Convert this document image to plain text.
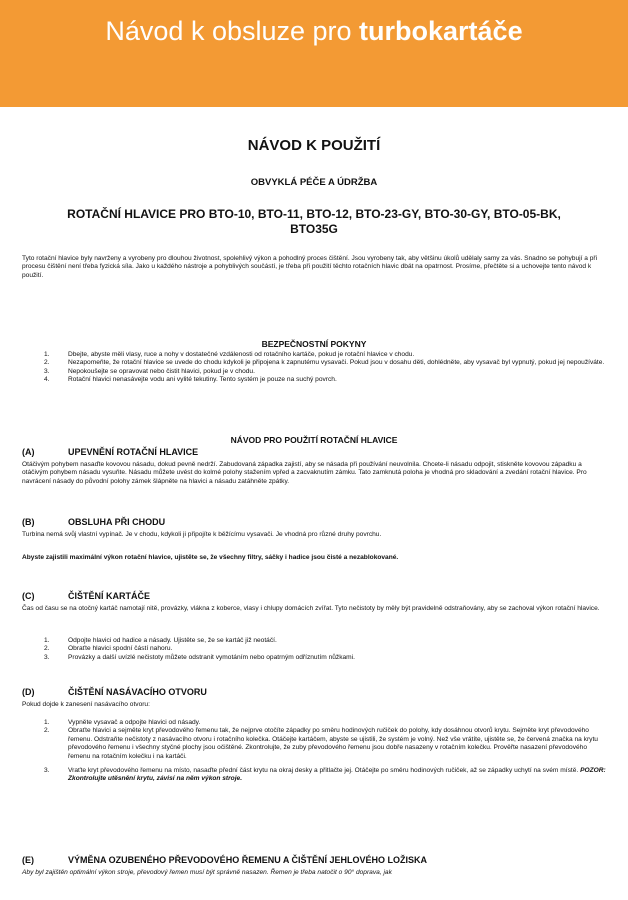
Návod k obsluze pro turbokartáče
NÁVOD K POUŽITÍ
OBVYKLÁ PÉČE A ÚDRŽBA
ROTAČNÍ HLAVICE PRO BTO-10, BTO-11, BTO-12, BTO-23-GY, BTO-30-GY, BTO-05-BK, BTO35G
Tyto rotační hlavice byly navrženy a vyrobeny pro dlouhou životnost, spolehlivý výkon a pohodlný proces čištění. Jsou vyrobeny tak, aby většinu úkolů udělaly samy za vás. Snadno se pohybují a při procesu čištění není třeba fyzická síla. Jako u každého nástroje a pohyblivých součástí, je třeba při použití těchto rotačních hlavic dbát na opatrnost. Prosíme, přečtěte si a uchovejte tento návod k použití.
BEZPEČNOSTNÍ POKYNY
1.	Dbejte, abyste měli vlasy, ruce a nohy v dostatečné vzdálenosti od rotačního kartáče, pokud je rotační hlavice v chodu.
2.	Nezapomeňte, že rotační hlavice se uvede do chodu kdykoli je připojena k zapnutému vysavači. Pokud jsou v dosahu děti, dohlédněte, aby vysavač byl vypnutý, pokud jej nepoužíváte.
3.	Nepokoušejte se opravovat nebo čistit hlavici, pokud je v chodu.
4.	Rotační hlavici nenasávejte vodu ani vylité tekutiny. Tento systém je pouze na suchý povrch.
NÁVOD PRO POUŽITÍ ROTAČNÍ HLAVICE
(A)	UPEVNĚNÍ ROTAČNÍ HLAVICE
Otáčivým pohybem nasaďte kovovou násadu, dokud pevně nedrží. Zabudovaná západka zajistí, aby se násada při používání neuvolnila. Chcete-li násadu odpojit, stiskněte kovovou západku a otáčivým pohybem násadu vysuňte. Násadu můžete uvést do kolmé polohy stažením vpřed a zacvaknutím zámku. Tato zamknutá poloha je vhodná pro skladování a zvedání rotační hlavice. Pro navrácení násady do původní polohy zámek šlápněte na hlavici a násadu zatáhněte zpátky.
(B)	OBSLUHA PŘI CHODU
Turbína nemá svůj vlastní vypínač. Je v chodu, kdykoli ji připojíte k běžícímu vysavači. Je vhodná pro různé druhy povrchu.
Abyste zajistili maximální výkon rotační hlavice, ujistěte se, že všechny filtry, sáčky i hadice jsou čisté a nezablokované.
(C)	ČIŠTĚNÍ KARTÁČE
Čas od času se na otočný kartáč namotají nitě, provázky, vlákna z koberce, vlasy i chlupy domácích zvířat. Tyto nečistoty by měly být pravidelně odstraňovány, aby se zachoval výkon rotační hlavice.
1.	Odpojte hlavici od hadice a násady. Ujistěte se, že se kartáč již neotáčí.
2.	Obraťte hlavici spodní částí nahoru.
3.	Provázky a další uvízlé nečistoty můžete odstranit vymotáním nebo opatrným odříznutím nůžkami.
(D)	ČIŠTĚNÍ NASÁVACÍHO OTVORU
Pokud dojde k zanesení nasávacího otvoru:
1.	Vypněte vysavač a odpojte hlavici od násady.
2.	Obraťte hlavici a sejměte kryt převodového řemenu tak, že nejprve otočíte západky po směru hodinových ručiček do polohy, kdy dosáhnou otvorů krytu. Sejměte kryt převodového řemenu. Odstraňte nečistoty z nasávacího otvoru i rotačního kolečka. Otáčejte kartáčem, abyste se ujistili, že systém je volný. Než vše vrátíte, ujistěte se, že červená značka na krytu převodového řemenu i všechny styčné plochy jsou očištěné. Zkontrolujte, že zuby převodového řemenu jsou dobře nasazeny v rotačním kolečku. Prověřte nasazení převodového řemenu na rotačním kolečku i na kartáči.
3.	Vraťte kryt převodového řemenu na místo, nasaďte přední část krytu na okraj desky a přitlačte jej. Otáčejte po směru hodinových ručiček, až se západky uchytí na svém místě. POZOR: Zkontrolujte utěsnění krytu, závisí na něm výkon stroje.
(E)	VÝMĚNA OZUBENÉHO PŘEVODOVÉHO ŘEMENU A ČIŠTĚNÍ JEHLOVÉHO LOŽISKA
Aby byl zajištěn optimální výkon stroje, převodový řemen musí být správně nasazen. Řemen je třeba natočit o 90° doprava, jak
